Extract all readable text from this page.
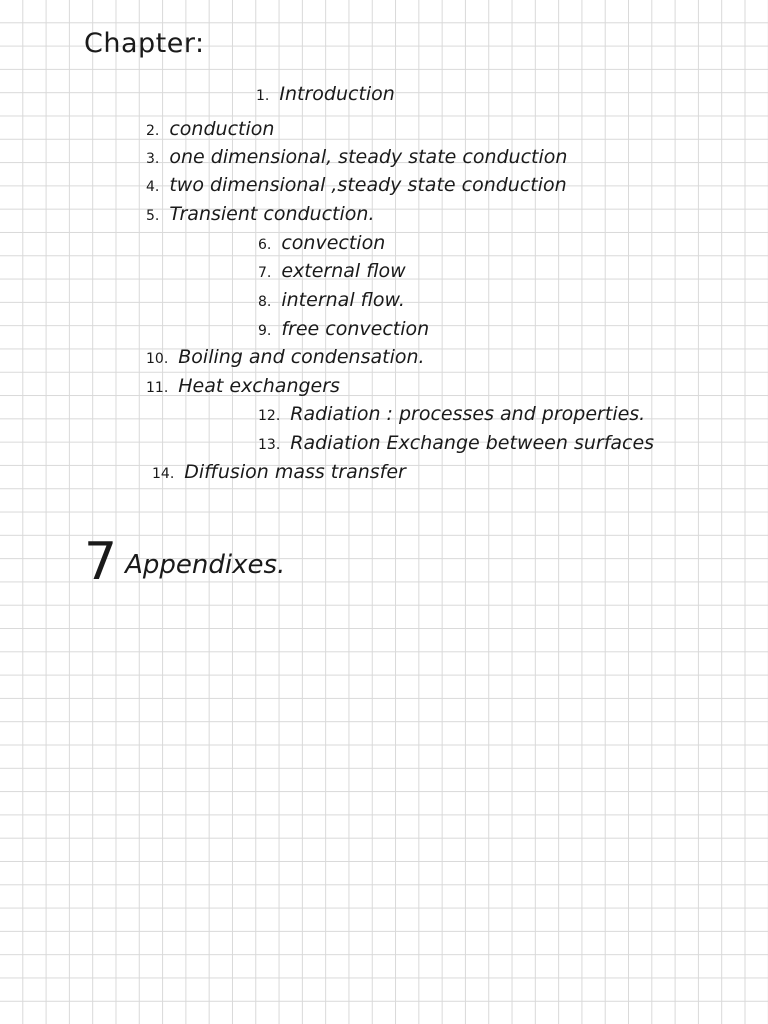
Chapter:
1. Introduction
2. conduction
3. one dimensional, steady state conduction
4. two dimensional ,steady state conduction
5. Transient conduction.
6. convection
7. external flow
8. internal flow.
9. free convection
10. Boiling and condensation.
11. Heat exchangers
12. Radiation : processes and properties.
13. Radiation Exchange between surfaces
14. Diffusion mass transfer
7 Appendixes.
